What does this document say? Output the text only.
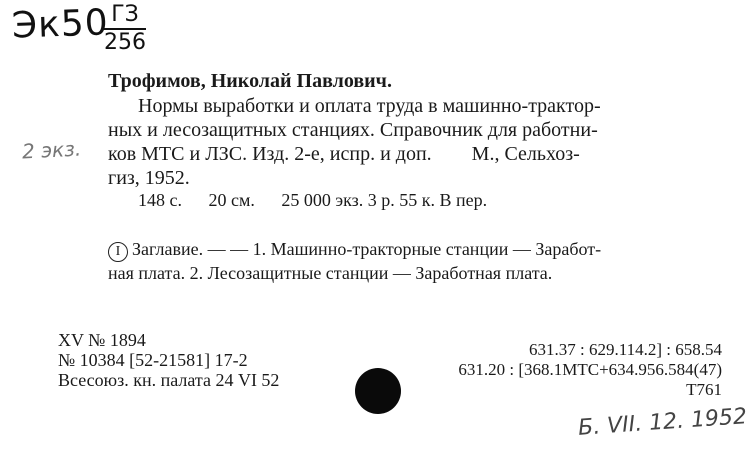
Эк50 ГЗ
256
2 экз.
Трофимов, Николай Павлович.
Нормы выработки и оплата труда в машинно-трактор-
ных и лесозащитных станциях. Справочник для работни-
ков МТС и ЛЗС. Изд. 2-е, испр. и доп. М., Сельхоз-
гиз, 1952.
148 с. 20 см. 25 000 экз. 3 р. 55 к. В пер.
I Заглавие. — — 1. Машинно-тракторные станции — Заработ-
ная плата. 2. Лесозащитные станции — Заработная плата.
XV № 1894
№ 10384 [52-21581] 17-2
Всесоюз. кн. палата 24 VI 52
631.37 : 629.114.2] : 658.54
631.20 : [368.1МТС+634.956.584(47)
Т761
Б. VII. 12. 1952
